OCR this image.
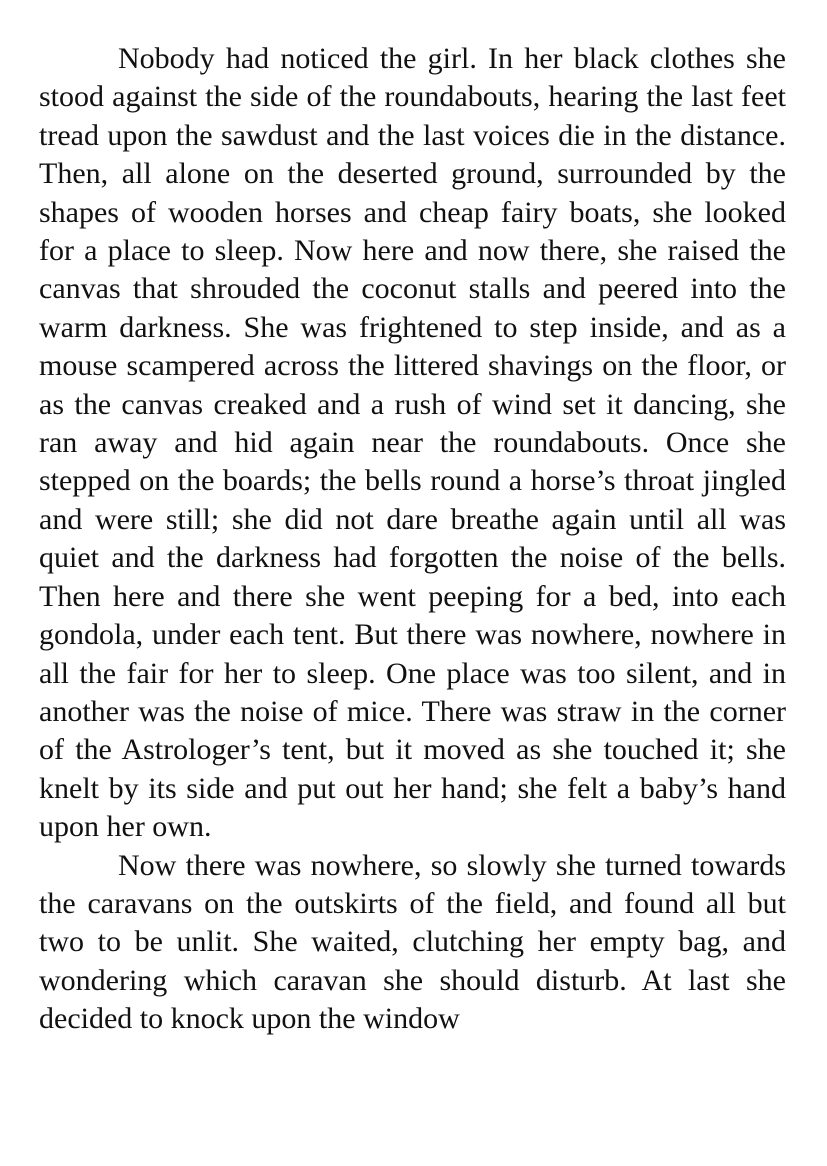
Nobody had noticed the girl. In her black clothes she stood against the side of the roundabouts, hearing the last feet tread upon the sawdust and the last voices die in the distance. Then, all alone on the deserted ground, surrounded by the shapes of wooden horses and cheap fairy boats, she looked for a place to sleep. Now here and now there, she raised the canvas that shrouded the coconut stalls and peered into the warm darkness. She was frightened to step inside, and as a mouse scampered across the littered shavings on the floor, or as the canvas creaked and a rush of wind set it dancing, she ran away and hid again near the roundabouts. Once she stepped on the boards; the bells round a horse’s throat jingled and were still; she did not dare breathe again until all was quiet and the darkness had forgotten the noise of the bells. Then here and there she went peeping for a bed, into each gondola, under each tent. But there was nowhere, nowhere in all the fair for her to sleep. One place was too silent, and in another was the noise of mice. There was straw in the corner of the Astrologer’s tent, but it moved as she touched it; she knelt by its side and put out her hand; she felt a baby’s hand upon her own.

Now there was nowhere, so slowly she turned towards the caravans on the outskirts of the field, and found all but two to be unlit. She waited, clutching her empty bag, and wondering which caravan she should disturb. At last she decided to knock upon the window
